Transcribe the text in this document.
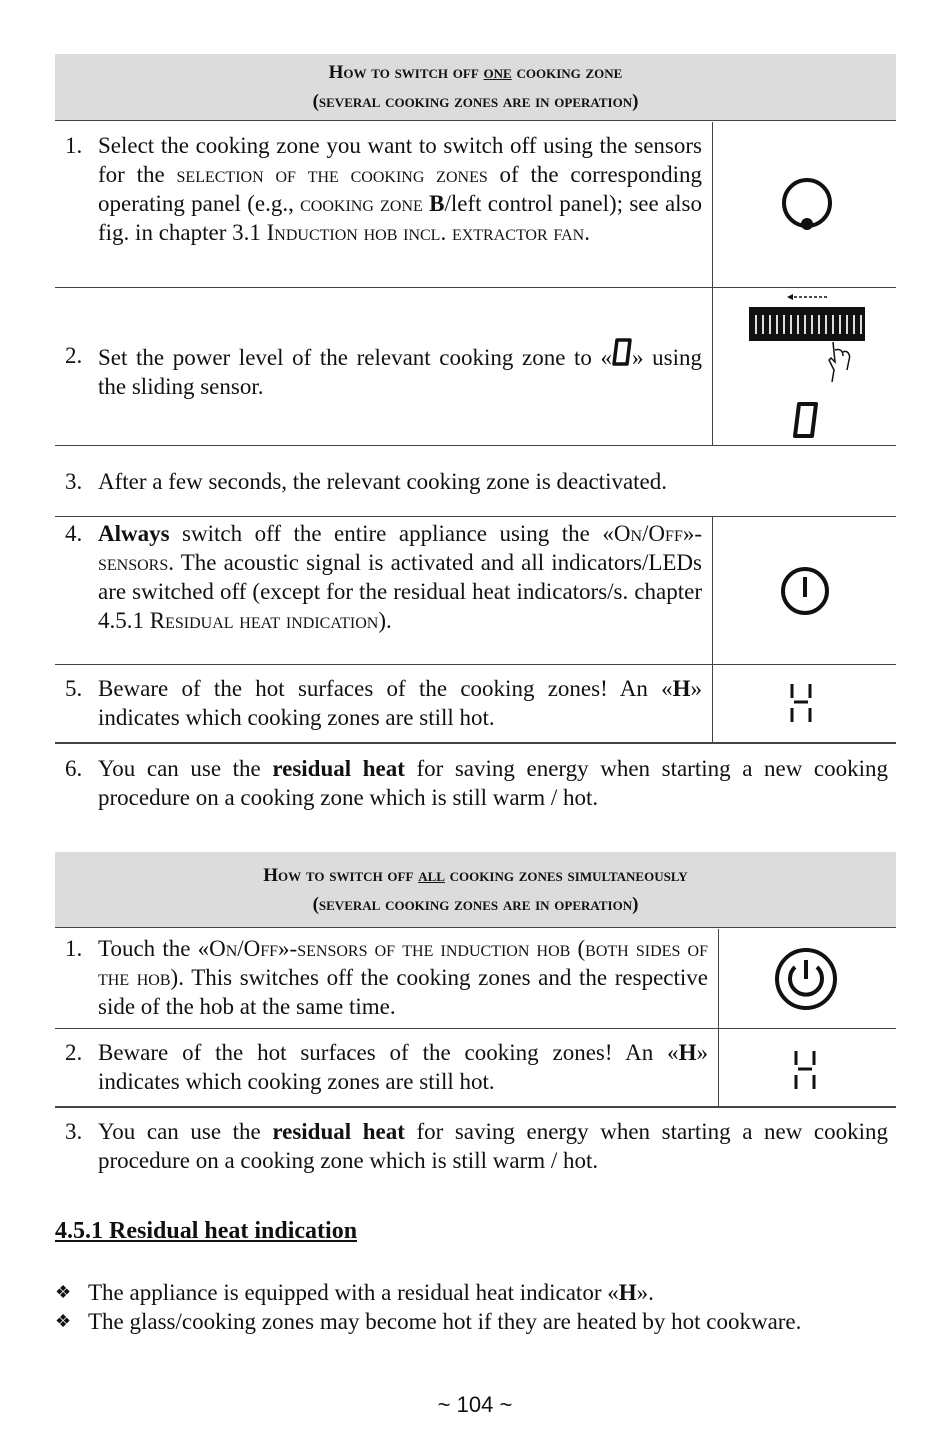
How to switch off one cooking zone
(several cooking zones are in operation)
1. Select the cooking zone you want to switch off using the sensors for the selection of the cooking zones of the corresponding operating panel (e.g., cooking zone B/left control panel); see also fig. in chapter 3.1 Induction hob incl. extractor fan.
2. Set the power level of the relevant cooking zone to « » using the sliding sensor.
3. After a few seconds, the relevant cooking zone is deactivated.
4. Always switch off the entire appliance using the «On/Off»-sensors. The acoustic signal is activated and all indicators/LEDs are switched off (except for the residual heat indicators/s. chapter 4.5.1 Residual heat indication).
5. Beware of the hot surfaces of the cooking zones! An «H» indicates which cooking zones are still hot.
6. You can use the residual heat for saving energy when starting a new cooking procedure on a cooking zone which is still warm / hot.
How to switch off all cooking zones simultaneously
(several cooking zones are in operation)
1. Touch the «On/Off»-sensors of the induction hob (both sides of the hob). This switches off the cooking zones and the respective side of the hob at the same time.
2. Beware of the hot surfaces of the cooking zones! An «H» indicates which cooking zones are still hot.
3. You can use the residual heat for saving energy when starting a new cooking procedure on a cooking zone which is still warm / hot.
4.5.1 Residual heat indication
❖ The appliance is equipped with a residual heat indicator «H».
❖ The glass/cooking zones may become hot if they are heated by hot cookware.
~ 104 ~
